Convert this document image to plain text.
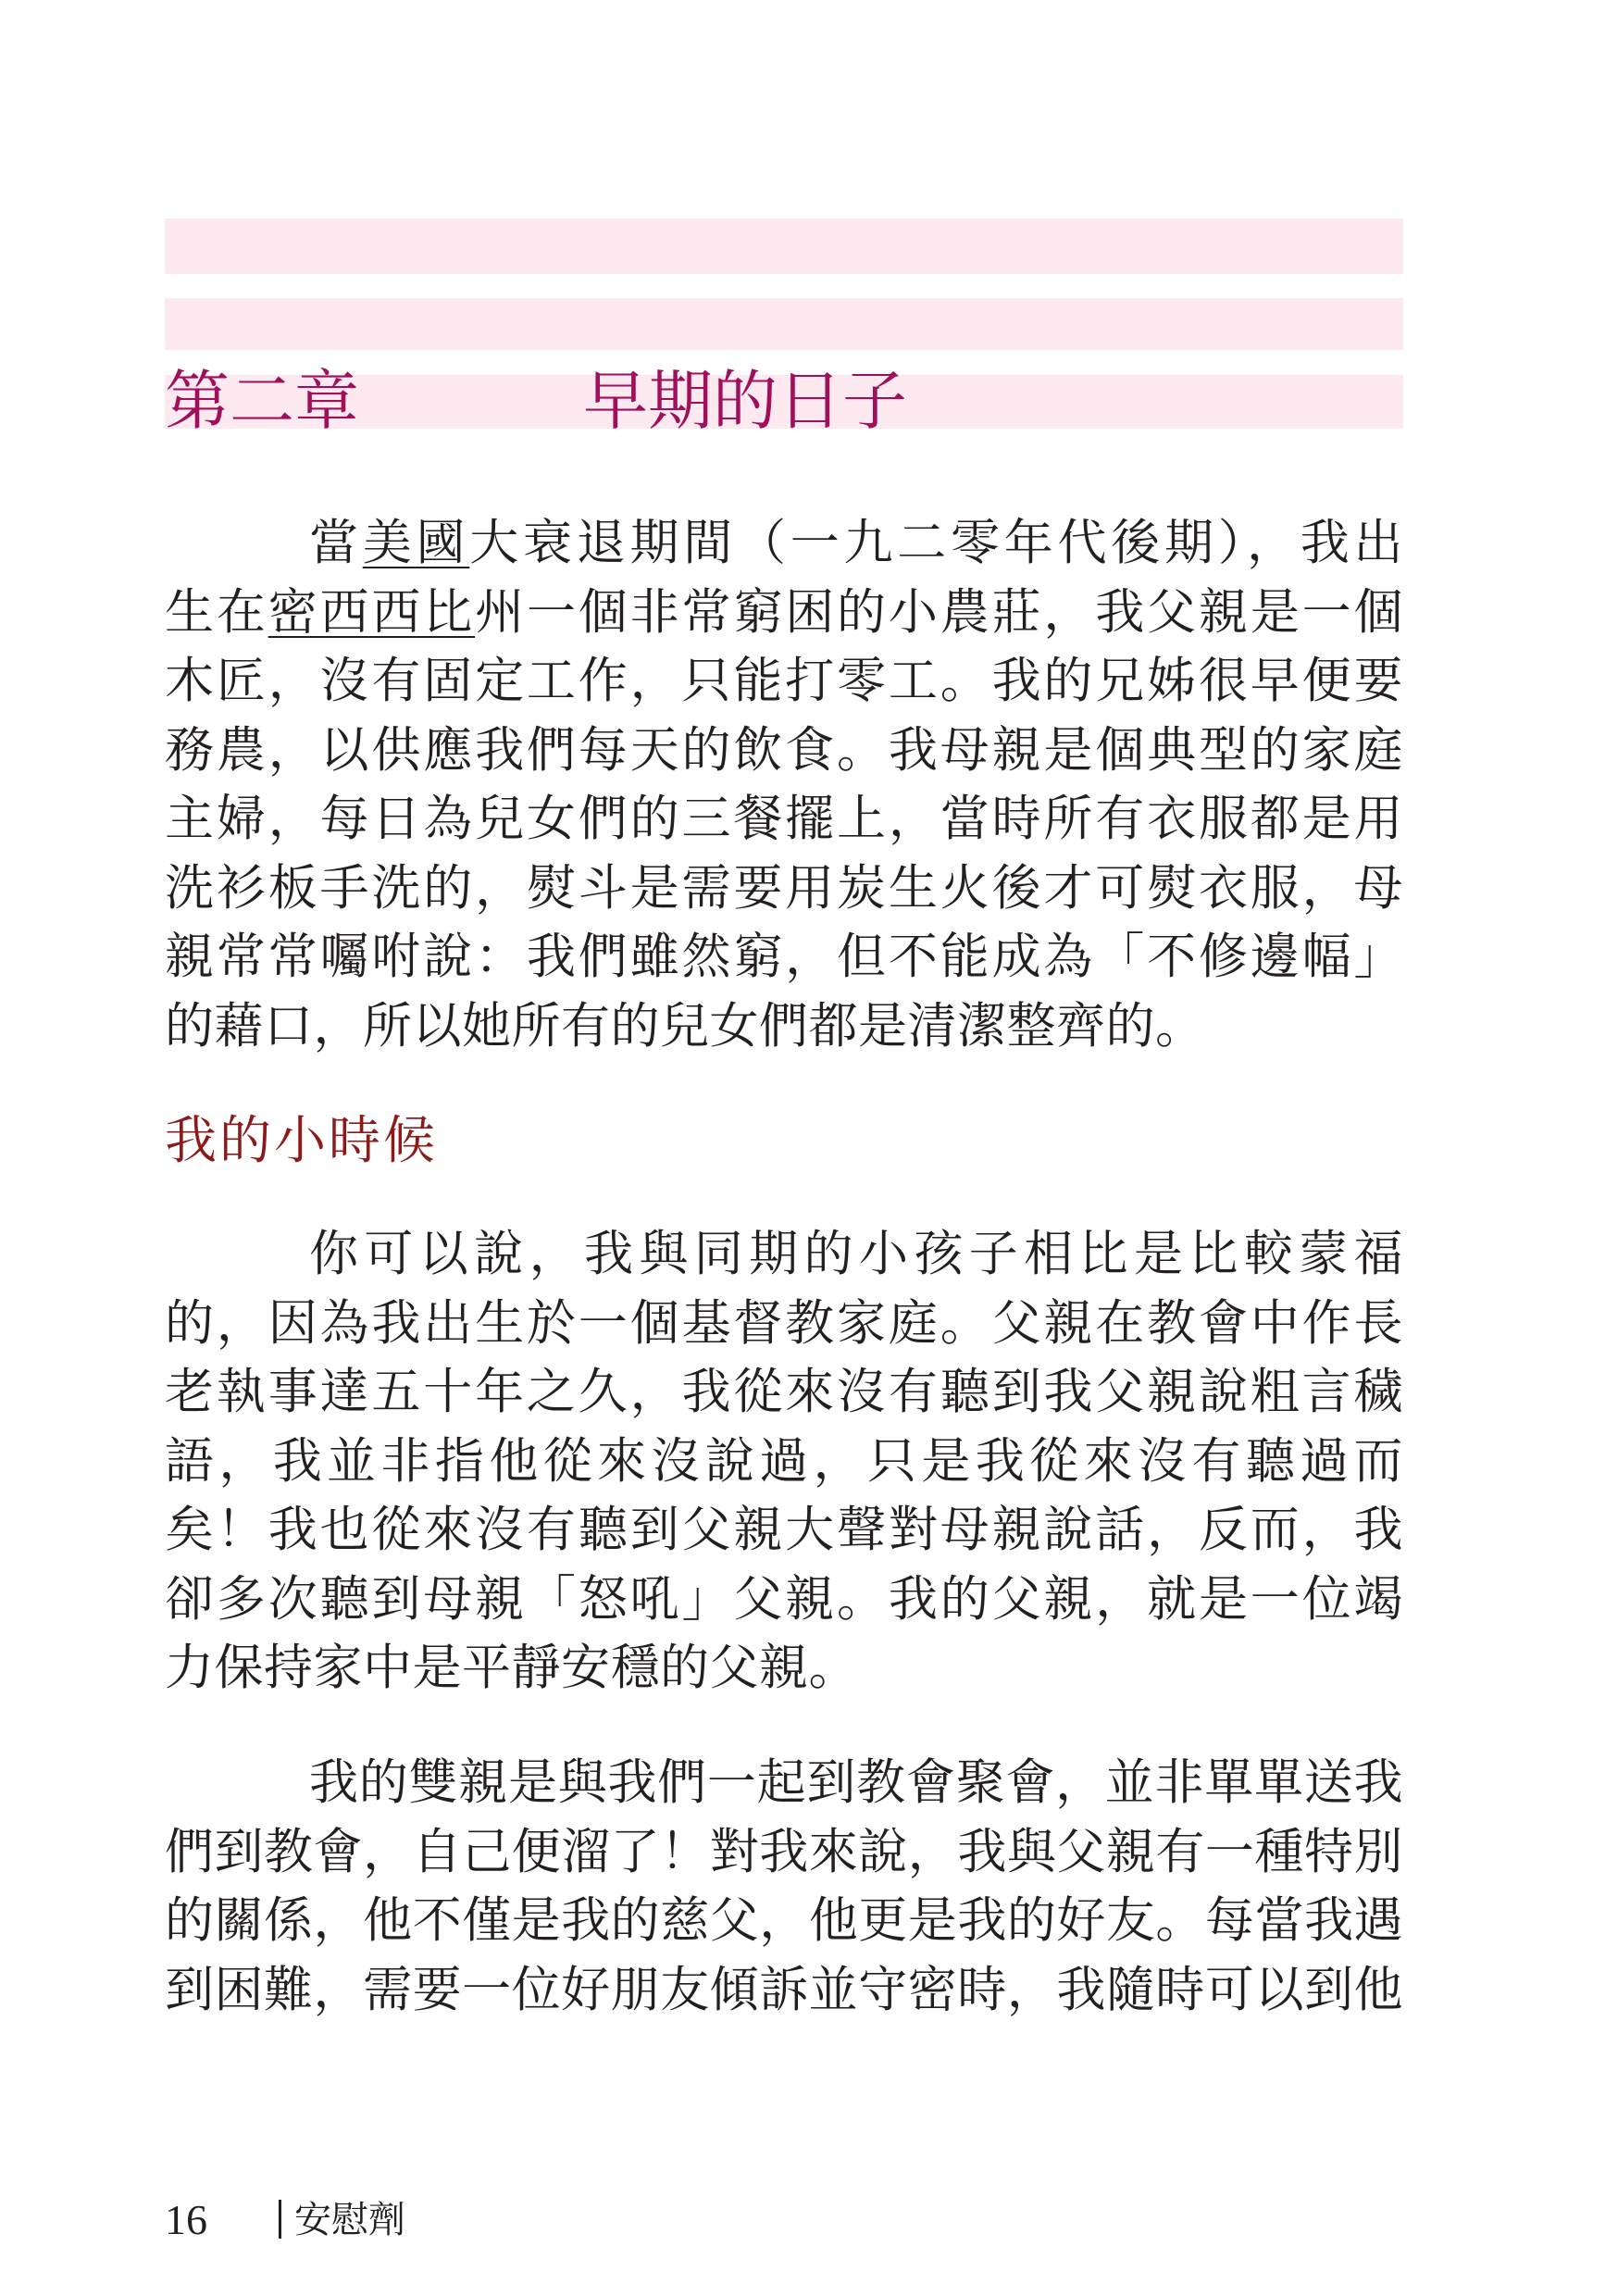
第二章	早期的日子
當美國大衰退期間（一九二零年代後期），我出
生在密西西比州一個非常窮困的小農莊，我父親是一個
木匠，沒有固定工作，只能打零工。我的兄姊很早便要
務農，以供應我們每天的飲食。我母親是個典型的家庭
主婦，每日為兒女們的三餐擺上，當時所有衣服都是用
洗衫板手洗的，熨斗是需要用炭生火後才可熨衣服，母
親常常囑咐說：我們雖然窮，但不能成為「不修邊幅」
的藉口，所以她所有的兒女們都是清潔整齊的。
我的小時候
你可以說，我與同期的小孩子相比是比較蒙福
的，因為我出生於一個基督教家庭。父親在教會中作長
老執事達五十年之久，我從來沒有聽到我父親說粗言穢
語，我並非指他從來沒說過，只是我從來沒有聽過而
矣！我也從來沒有聽到父親大聲對母親說話，反而，我
卻多次聽到母親「怒吼」父親。我的父親，就是一位竭
力保持家中是平靜安穩的父親。
我的雙親是與我們一起到教會聚會，並非單單送我
們到教會，自己便溜了！對我來說，我與父親有一種特別
的關係，他不僅是我的慈父，他更是我的好友。每當我遇
到困難，需要一位好朋友傾訴並守密時，我隨時可以到他
16 安慰劑
